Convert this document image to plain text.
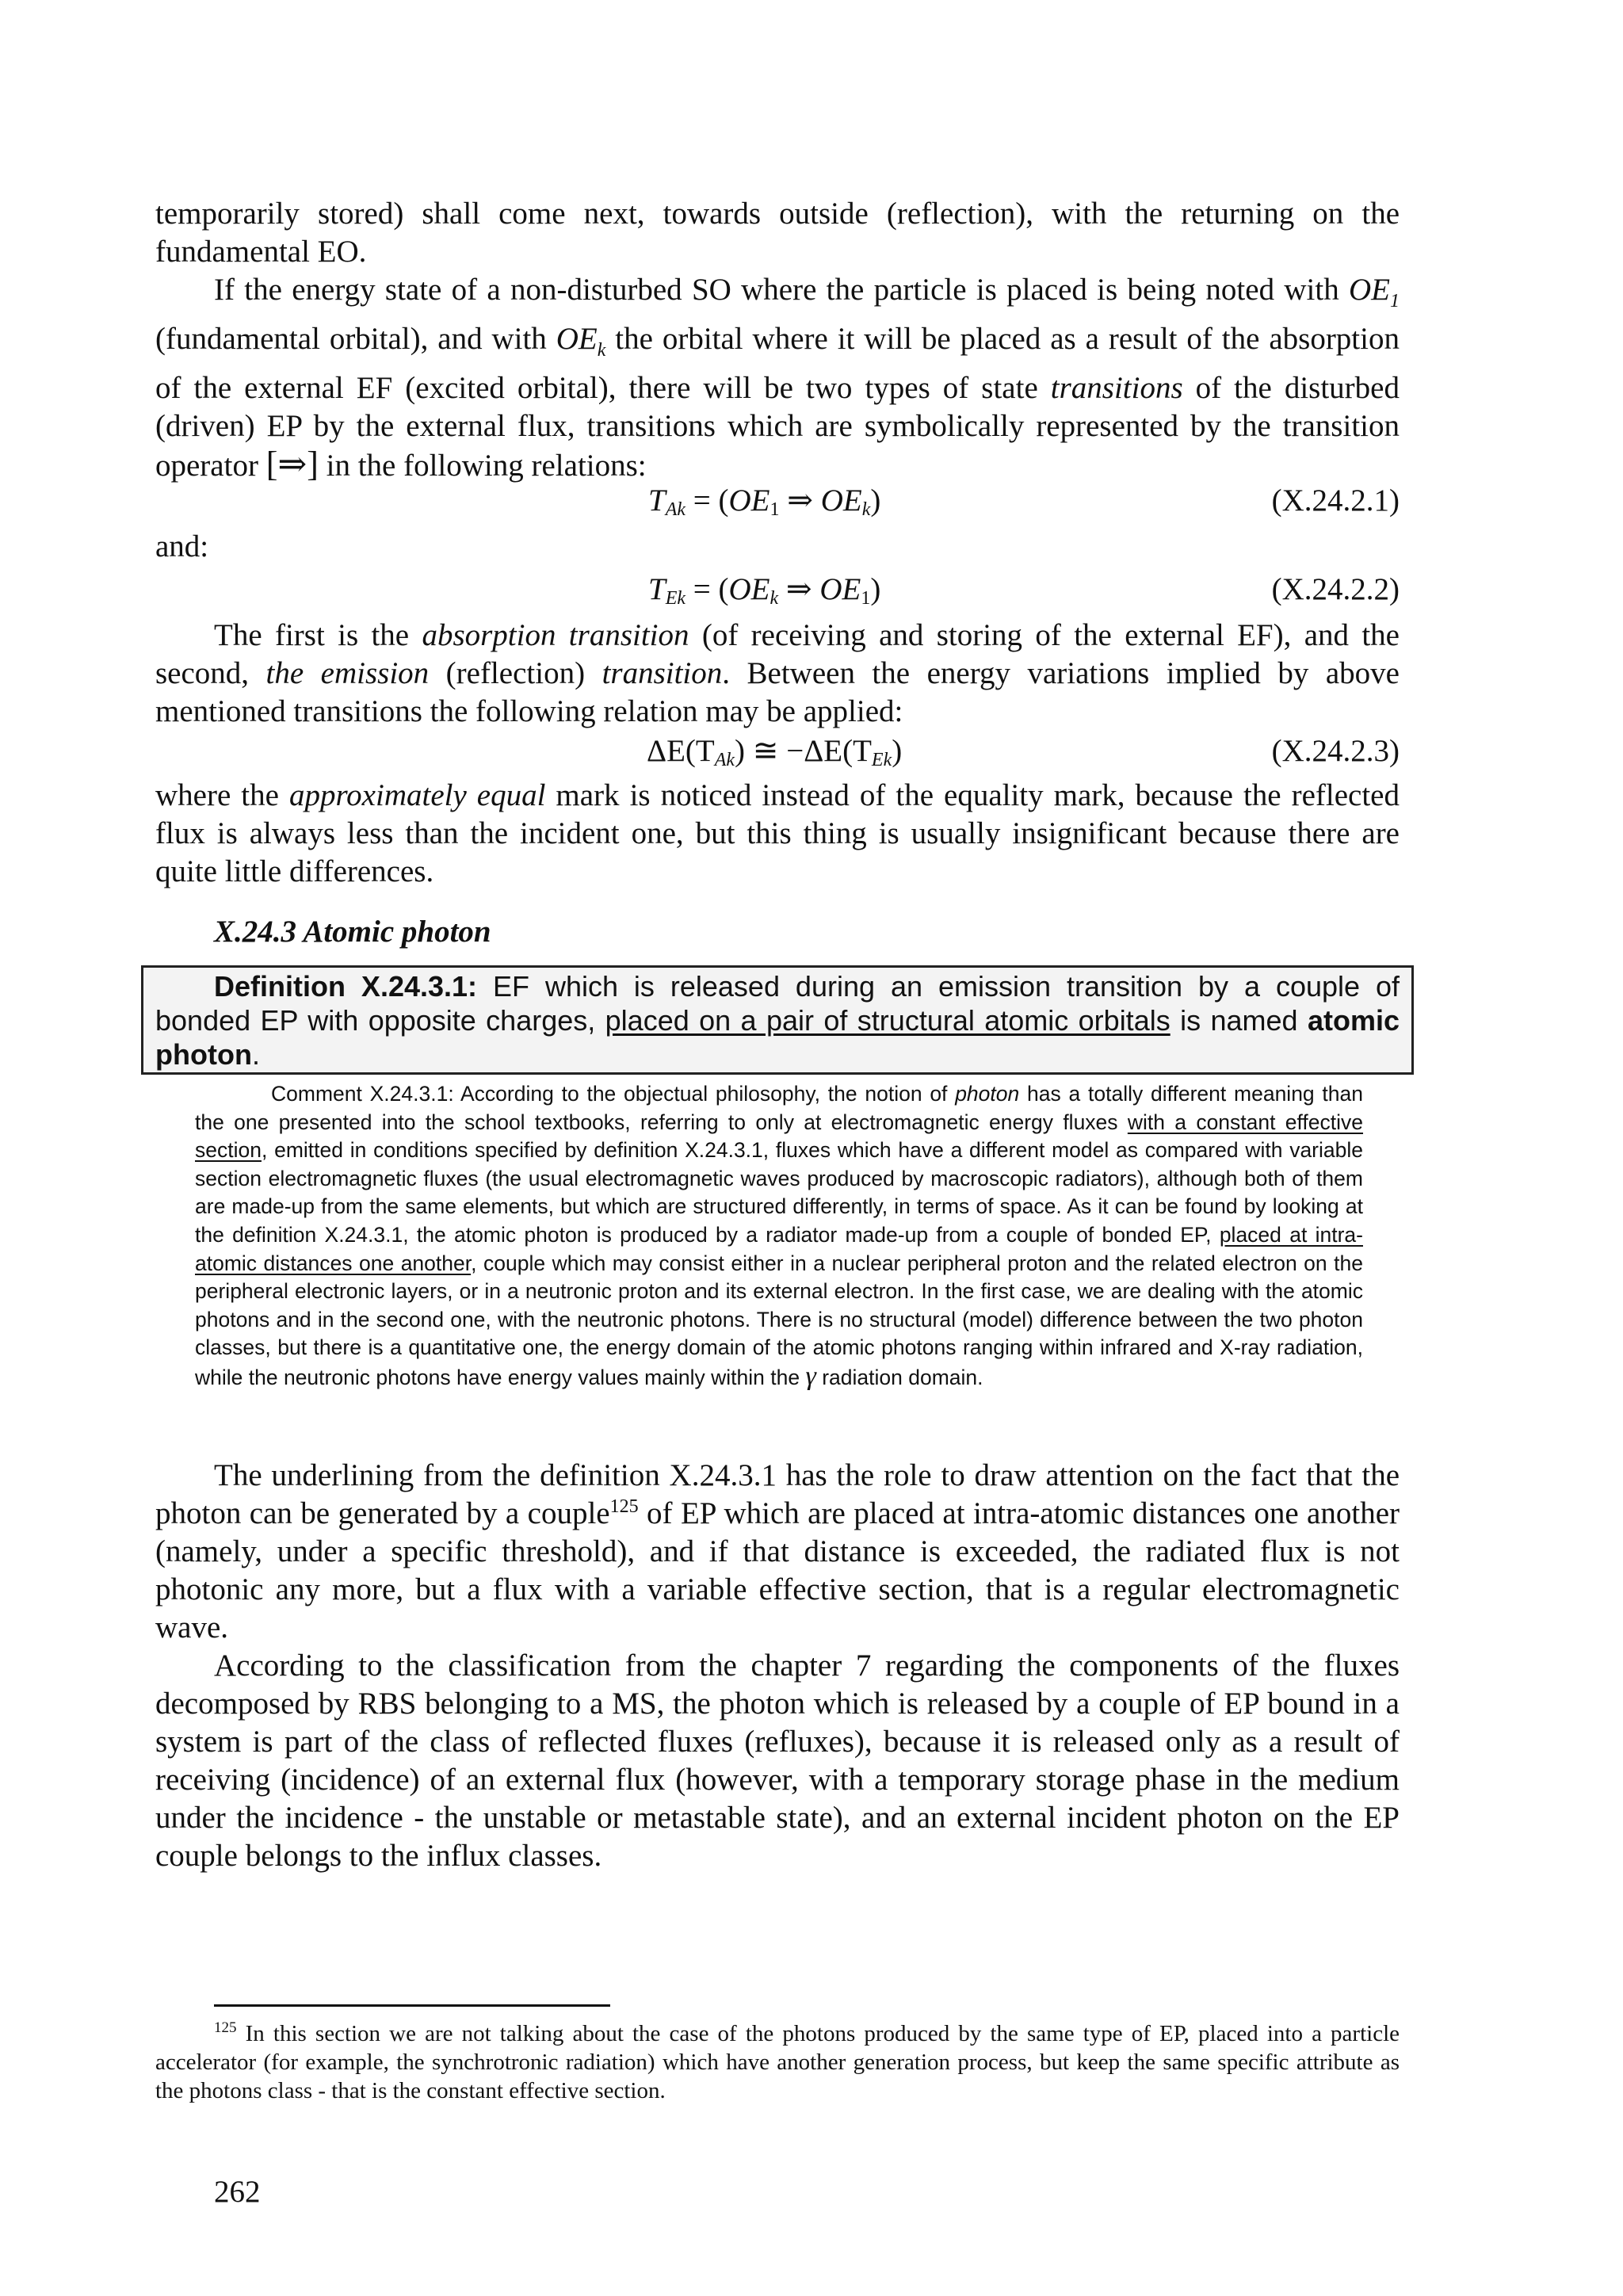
temporarily stored) shall come next, towards outside (reflection), with the returning on the fundamental EO.

If the energy state of a non-disturbed SO where the particle is placed is being noted with $OE_1$ (fundamental orbital), and with $OE_k$ the orbital where it will be placed as a result of the absorption of the external EF (excited orbital), there will be two types of state transitions of the disturbed (driven) EP by the external flux, transitions which are symbolically represented by the transition operator [⇒] in the following relations:

$T_{Ak} = (OE_1$ ⇒ $OE_k$)	(X.24.2.1)
and:
$T_{Ek} = (OE_k$ ⇒ $OE_1$)	(X.24.2.2)

The first is the absorption transition (of receiving and storing of the external EF), and the second, the emission (reflection) transition. Between the energy variations implied by above mentioned transitions the following relation may be applied:

$\Delta E(T_{Ak})$ ≅ $-\Delta E(T_{Ek})$	(X.24.2.3)

where the approximately equal mark is noticed instead of the equality mark, because the reflected flux is always less than the incident one, but this thing is usually insignificant because there are quite little differences.

X.24.3 Atomic photon

Definition X.24.3.1: EF which is released during an emission transition by a couple of bonded EP with opposite charges, placed on a pair of structural atomic orbitals is named atomic photon.

Comment X.24.3.1: According to the objectual philosophy, the notion of photon has a totally different meaning than the one presented into the school textbooks, referring to only at electromagnetic energy fluxes with a constant effective section, emitted in conditions specified by definition X.24.3.1, fluxes which have a different model as compared with variable section electromagnetic fluxes (the usual electromagnetic waves produced by macroscopic radiators), although both of them are made-up from the same elements, but which are structured differently, in terms of space. As it can be found by looking at the definition X.24.3.1, the atomic photon is produced by a radiator made-up from a couple of bonded EP, placed at intra-atomic distances one another, couple which may consist either in a nuclear peripheral proton and the related electron on the peripheral electronic layers, or in a neutronic proton and its external electron. In the first case, we are dealing with the atomic photons and in the second one, with the neutronic photons. There is no structural (model) difference between the two photon classes, but there is a quantitative one, the energy domain of the atomic photons ranging within infrared and X-ray radiation, while the neutronic photons have energy values mainly within the γ radiation domain.

The underlining from the definition X.24.3.1 has the role to draw attention on the fact that the photon can be generated by a couple$^{125}$ of EP which are placed at intra-atomic distances one another (namely, under a specific threshold), and if that distance is exceeded, the radiated flux is not photonic any more, but a flux with a variable effective section, that is a regular electromagnetic wave.

According to the classification from the chapter 7 regarding the components of the fluxes decomposed by RBS belonging to a MS, the photon which is released by a couple of EP bound in a system is part of the class of reflected fluxes (refluxes), because it is released only as a result of receiving (incidence) of an external flux (however, with a temporary storage phase in the medium under the incidence - the unstable or metastable state), and an external incident photon on the EP couple belongs to the influx classes.

$^{125}$ In this section we are not talking about the case of the photons produced by the same type of EP, placed into a particle accelerator (for example, the synchrotronic radiation) which have another generation process, but keep the same specific attribute as the photons class - that is the constant effective section.

262
